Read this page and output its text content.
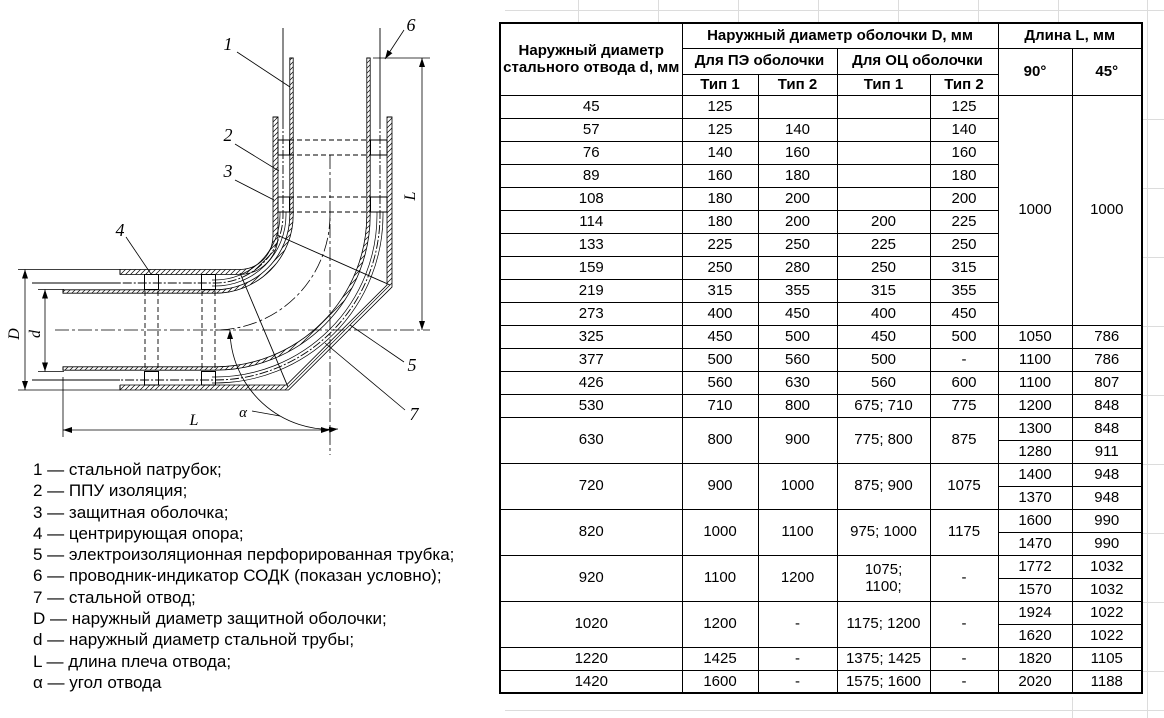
D d
L
L
α
1
2
3
4
5
6
7
1 — стальной патрубок;
2 — ППУ изоляция;
3 — защитная оболочка;
4 — центрирующая опора;
5 — электроизоляционная перфорированная трубка;
6 — проводник-индикатор СОДК (показан условно);
7 — стальной отвод;
D — наружный диаметр защитной оболочки;
d — наружный диаметр стальной трубы;
L — длина плеча отвода;
α — угол отвода
Наружный диаметр стального отвода d, мм	Наружный диаметр оболочки D, мм				Длина L, мм	
	Для ПЭ оболочки		Для ОЦ оболочки		90°	45°
	Тип 1	Тип 2	Тип 1	Тип 2		
45	125			125	1000	1000
57	125	140		140		
76	140	160		160		
89	160	180		180		
108	180	200		200		
114	180	200	200	225		
133	225	250	225	250		
159	250	280	250	315		
219	315	355	315	355		
273	400	450	400	450		
325	450	500	450	500	1050	786
377	500	560	500	-	1100	786
426	560	630	560	600	1100	807
530	710	800	675; 710	775	1200	848
630	800	900	775; 800	875	1300	848
					1280	911
720	900	1000	875; 900	1075	1400	948
					1370	948
820	1000	1100	975; 1000	1175	1600	990
					1470	990
920	1100	1200	1075;
1100;	-	1772	1032
					1570	1032
1020	1200	-	1175; 1200	-	1924	1022
					1620	1022
1220	1425	-	1375; 1425	-	1820	1105
1420	1600	-	1575; 1600	-	2020	1188
